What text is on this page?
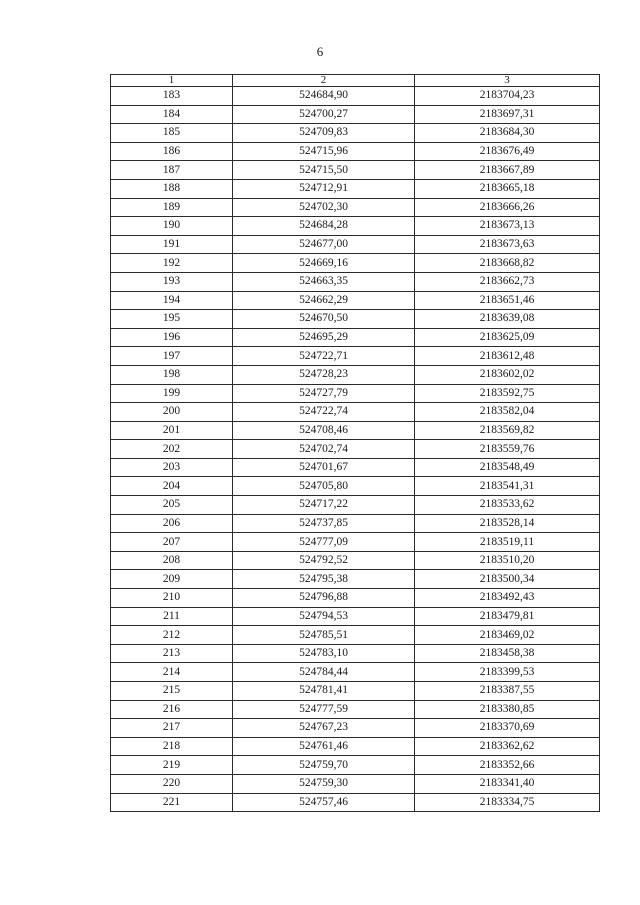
6
1	2	3
183	524684,90	2183704,23
184	524700,27	2183697,31
185	524709,83	2183684,30
186	524715,96	2183676,49
187	524715,50	2183667,89
188	524712,91	2183665,18
189	524702,30	2183666,26
190	524684,28	2183673,13
191	524677,00	2183673,63
192	524669,16	2183668,82
193	524663,35	2183662,73
194	524662,29	2183651,46
195	524670,50	2183639,08
196	524695,29	2183625,09
197	524722,71	2183612,48
198	524728,23	2183602,02
199	524727,79	2183592,75
200	524722,74	2183582,04
201	524708,46	2183569,82
202	524702,74	2183559,76
203	524701,67	2183548,49
204	524705,80	2183541,31
205	524717,22	2183533,62
206	524737,85	2183528,14
207	524777,09	2183519,11
208	524792,52	2183510,20
209	524795,38	2183500,34
210	524796,88	2183492,43
211	524794,53	2183479,81
212	524785,51	2183469,02
213	524783,10	2183458,38
214	524784,44	2183399,53
215	524781,41	2183387,55
216	524777,59	2183380,85
217	524767,23	2183370,69
218	524761,46	2183362,62
219	524759,70	2183352,66
220	524759,30	2183341,40
221	524757,46	2183334,75
